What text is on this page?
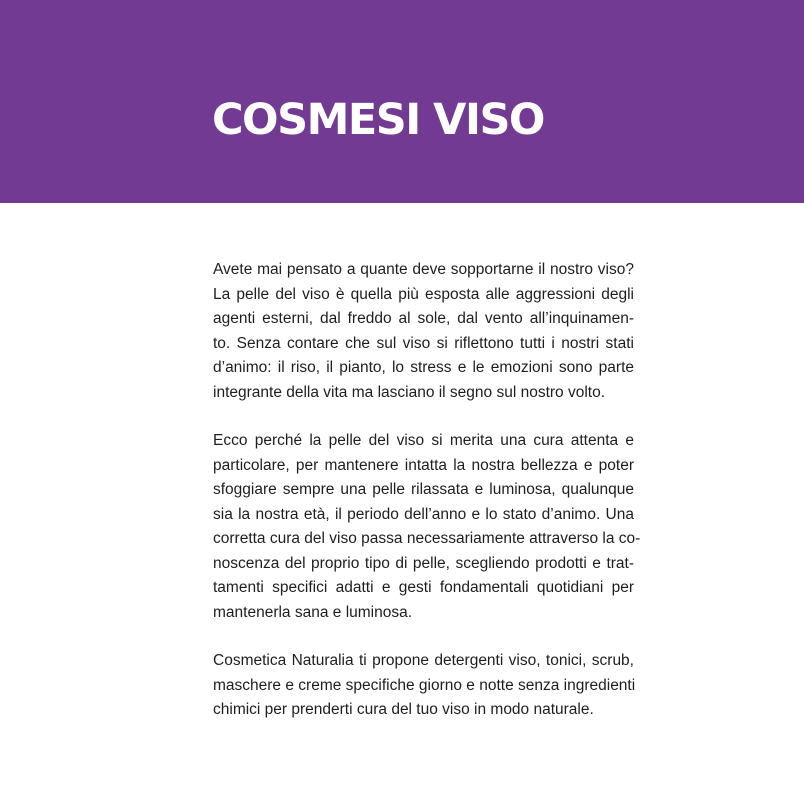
COSMESI VISO

Avete mai pensato a quante deve sopportarne il nostro viso?
La pelle del viso è quella più esposta alle aggressioni degli
agenti esterni, dal freddo al sole, dal vento all’inquinamen-
to. Senza contare che sul viso si riflettono tutti i nostri stati
d’animo: il riso, il pianto, lo stress e le emozioni sono parte
integrante della vita ma lasciano il segno sul nostro volto.

Ecco perché la pelle del viso si merita una cura attenta e
particolare, per mantenere intatta la nostra bellezza e poter
sfoggiare sempre una pelle rilassata e luminosa, qualunque
sia la nostra età, il periodo dell’anno e lo stato d’animo. Una
corretta cura del viso passa necessariamente attraverso la co-
noscenza del proprio tipo di pelle, scegliendo prodotti e trat-
tamenti specifici adatti e gesti fondamentali quotidiani per
mantenerla sana e luminosa.

Cosmetica Naturalia ti propone detergenti viso, tonici, scrub,
maschere e creme specifiche giorno e notte senza ingredienti
chimici per prenderti cura del tuo viso in modo naturale.
